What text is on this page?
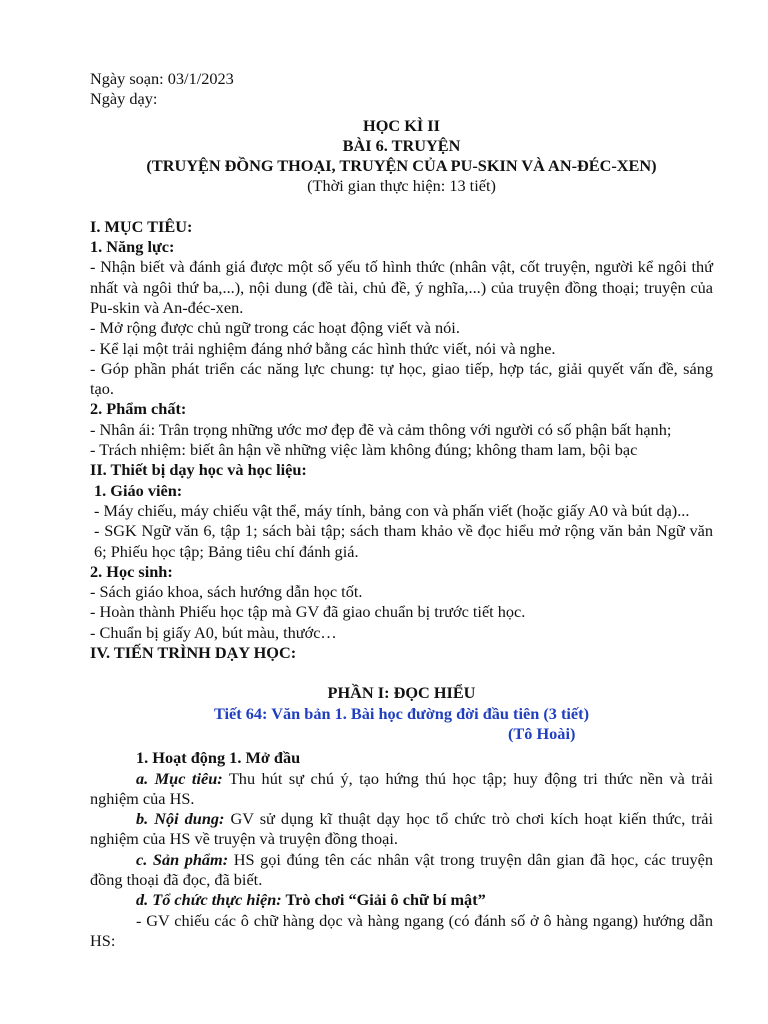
Ngày soạn: 03/1/2023

Ngày dạy:

HỌC KÌ II

BÀI 6. TRUYỆN

(TRUYỆN ĐỒNG THOẠI, TRUYỆN CỦA PU-SKIN VÀ AN-ĐÉC-XEN)

(Thời gian thực hiện: 13 tiết)

I. MỤC TIÊU:

1. Năng lực:

- Nhận biết và đánh giá được một số yếu tố hình thức (nhân vật, cốt truyện, người kể ngôi thứ nhất và ngôi thứ ba,...), nội dung (đề tài, chủ đề, ý nghĩa,...) của truyện đồng thoại; truyện của Pu-skin và An-đéc-xen.

- Mở rộng được chủ ngữ trong các hoạt động viết và nói.

- Kể lại một trải nghiệm đáng nhớ bằng các hình thức viết, nói và nghe.

- Góp phần phát triển các năng lực chung: tự học, giao tiếp, hợp tác, giải quyết vấn đề, sáng tạo.

2. Phẩm chất:

- Nhân ái: Trân trọng những ước mơ đẹp đẽ và cảm thông với người có số phận bất hạnh;

- Trách nhiệm: biết ân hận về những việc làm không đúng; không tham lam, bội bạc

II. Thiết bị dạy học và học liệu:

1. Giáo viên:

- Máy chiếu, máy chiếu vật thể, máy tính, bảng con và phấn viết (hoặc giấy A0 và bút dạ)...

- SGK Ngữ văn 6, tập 1; sách bài tập; sách tham khảo về đọc hiểu mở rộng văn bản Ngữ văn 6; Phiếu học tập; Bảng tiêu chí đánh giá.

2. Học sinh:

- Sách giáo khoa, sách hướng dẫn học tốt.

- Hoàn thành Phiếu học tập mà GV đã giao chuẩn bị trước tiết học.

- Chuẩn bị giấy A0, bút màu, thước…

IV. TIẾN TRÌNH DẠY HỌC:

PHẦN I: ĐỌC HIỂU

Tiết 64: Văn bản 1. Bài học đường đời đầu tiên (3 tiết)

(Tô Hoài)

1. Hoạt động 1. Mở đầu

a. Mục tiêu: Thu hút sự chú ý, tạo hứng thú học tập; huy động tri thức nền và trải nghiệm của HS.

b. Nội dung: GV sử dụng kĩ thuật dạy học tổ chức trò chơi kích hoạt kiến thức, trải nghiệm của HS về truyện và truyện đồng thoại.

c. Sản phẩm: HS gọi đúng tên các nhân vật trong truyện dân gian đã học, các truyện đồng thoại đã đọc, đã biết.

d. Tổ chức thực hiện: Trò chơi “Giải ô chữ bí mật”

- GV chiếu các ô chữ hàng dọc và hàng ngang (có đánh số ở ô hàng ngang) hướng dẫn HS:
